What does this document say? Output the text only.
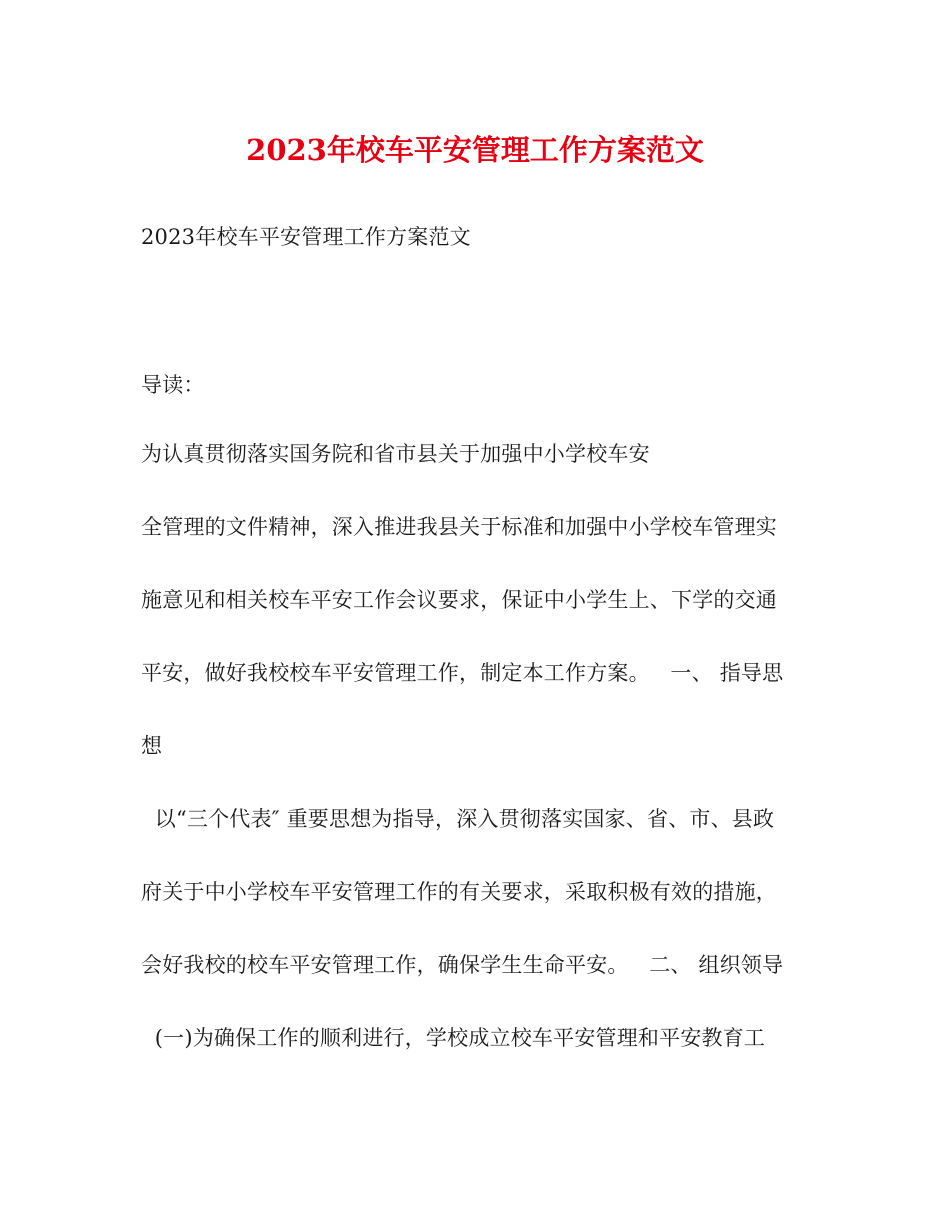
2023年校车平安管理工作方案范文
2023年校车平安管理工作方案范文
导读：
为认真贯彻落实国务院和省市县关于加强中小学校车安
全管理的文件精神，深入推进我县关于标准和加强中小学校车管理实
施意见和相关校车平安工作会议要求，保证中小学生上、下学的交通
平安，做好我校校车平安管理工作，制定本工作方案。   一、 指导思
想
以“三个代表″ 重要思想为指导，深入贯彻落实国家、省、市、县政
府关于中小学校车平安管理工作的有关要求，采取积极有效的措施，
会好我校的校车平安管理工作，确保学生生命平安。   二、 组织领导
(一)为确保工作的顺利进行，学校成立校车平安管理和平安教育工
